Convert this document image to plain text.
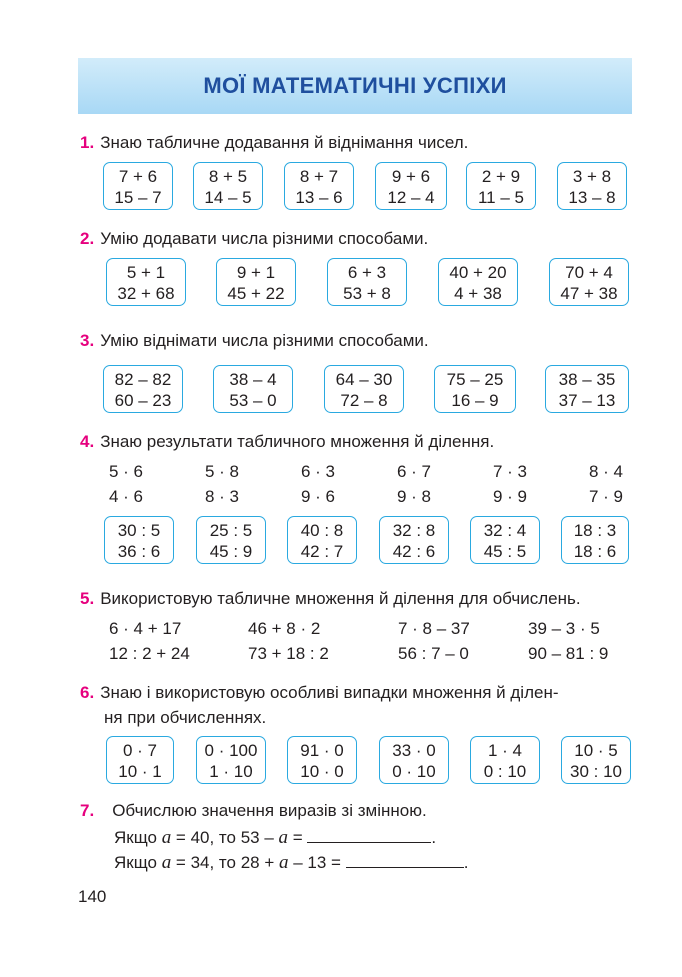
МОЇ МАТЕМАТИЧНІ УСПІХИ
1. Знаю табличне додавання й віднімання чисел.
7 + 6
15 – 7
8 + 5
14 – 5
8 + 7
13 – 6
9 + 6
12 – 4
2 + 9
11 – 5
3 + 8
13 – 8
2. Умію додавати числа різними способами.
5 + 1
32 + 68
9 + 1
45 + 22
6 + 3
53 + 8
40 + 20
4 + 38
70 + 4
47 + 38
3. Умію віднімати числа різними способами.
82 – 82
60 – 23
38 – 4
53 – 0
64 – 30
72 – 8
75 – 25
16 – 9
38 – 35
37 – 13
4. Знаю результати табличного множення й ділення.
5 · 6
4 · 6
5 · 8
8 · 3
6 · 3
9 · 6
6 · 7
9 · 8
7 · 3
9 · 9
8 · 4
7 · 9
30 : 5
36 : 6
25 : 5
45 : 9
40 : 8
42 : 7
32 : 8
42 : 6
32 : 4
45 : 5
18 : 3
18 : 6
5. Використовую табличне множення й ділення для обчислень.
6 · 4 + 17
12 : 2 + 24
46 + 8 · 2
73 + 18 : 2
7 · 8 – 37
56 : 7 – 0
39 – 3 · 5
90 – 81 : 9
6. Знаю і використовую особливі випадки множення й ділен-
ня при обчисленнях.
0 · 7
10 · 1
0 · 100
1 · 10
91 · 0
10 · 0
33 · 0
0 · 10
1 · 4
0 : 10
10 · 5
30 : 10
7. Обчислюю значення виразів зі змінною.
Якщо a = 40, то 53 – a =	.
Якщо a = 34, то 28 + a – 13 =	.
140
